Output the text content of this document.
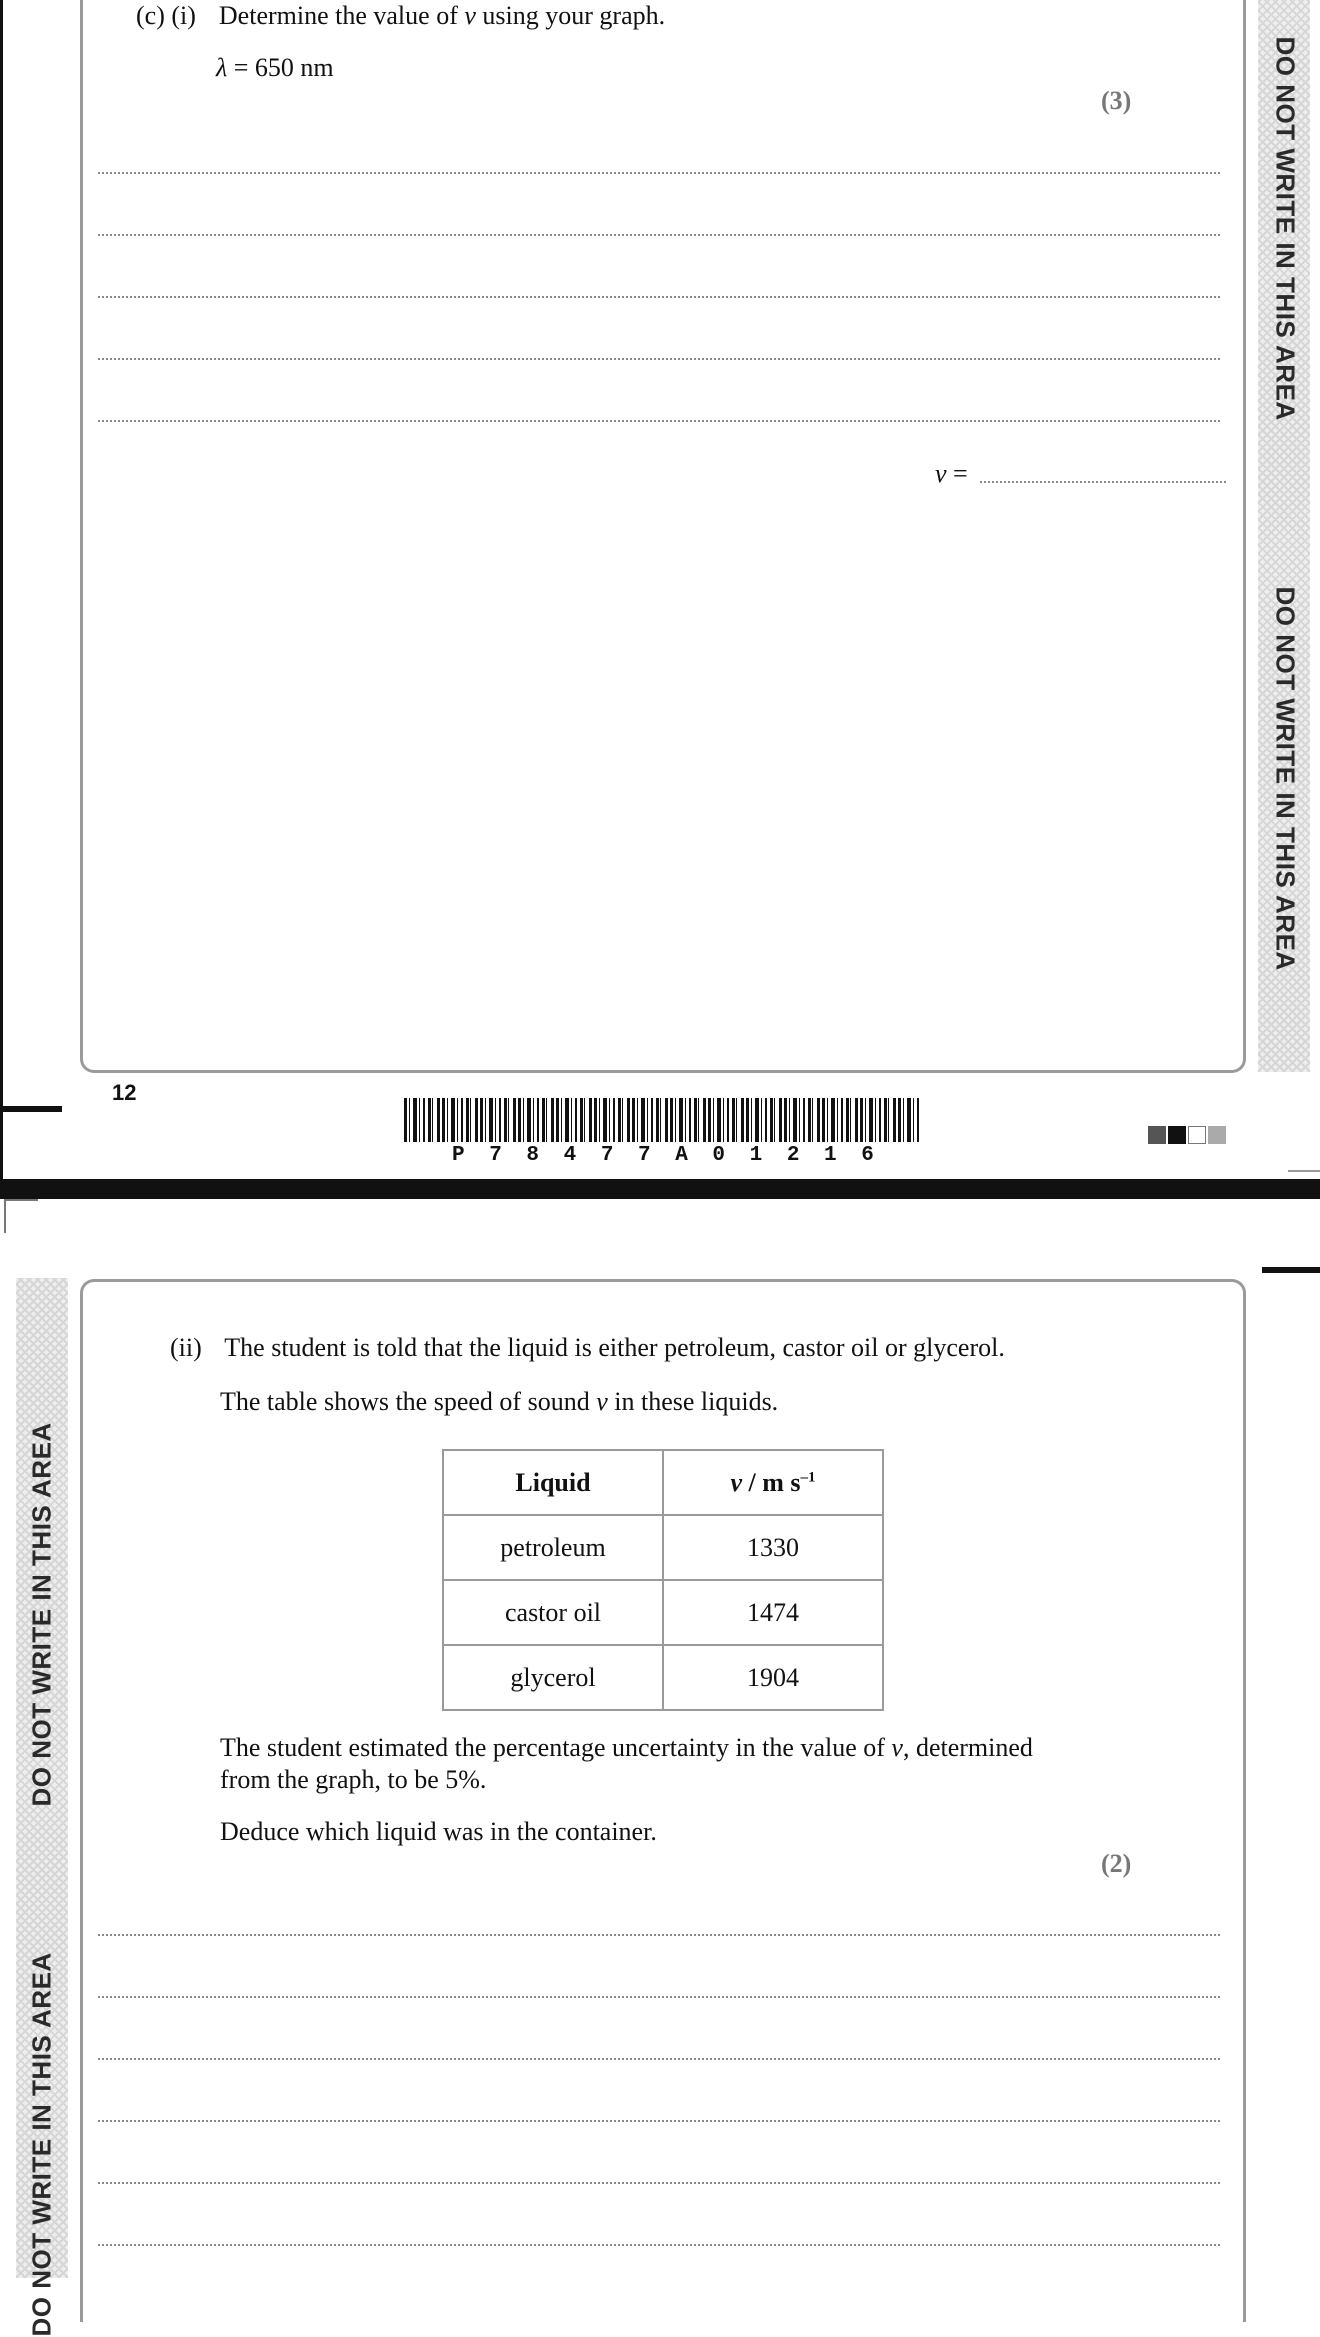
DO NOT WRITE IN THIS AREA
DO NOT WRITE IN THIS AREA
(c) (i) Determine the value of v using your graph.
λ = 650 nm
(3)
v =
12
P 7 8 4 7 7 A 0 1 2 1 6
DO NOT WRITE IN THIS AREA
DO NOT WRITE IN THIS AREA
(ii) The student is told that the liquid is either petroleum, castor oil or glycerol.
The table shows the speed of sound v in these liquids.
Liquid	v / m $s^{-1}$
petroleum	1330
castor oil	1474
glycerol	1904
The student estimated the percentage uncertainty in the value of v, determined
from the graph, to be 5%.
Deduce which liquid was in the container.
(2)
